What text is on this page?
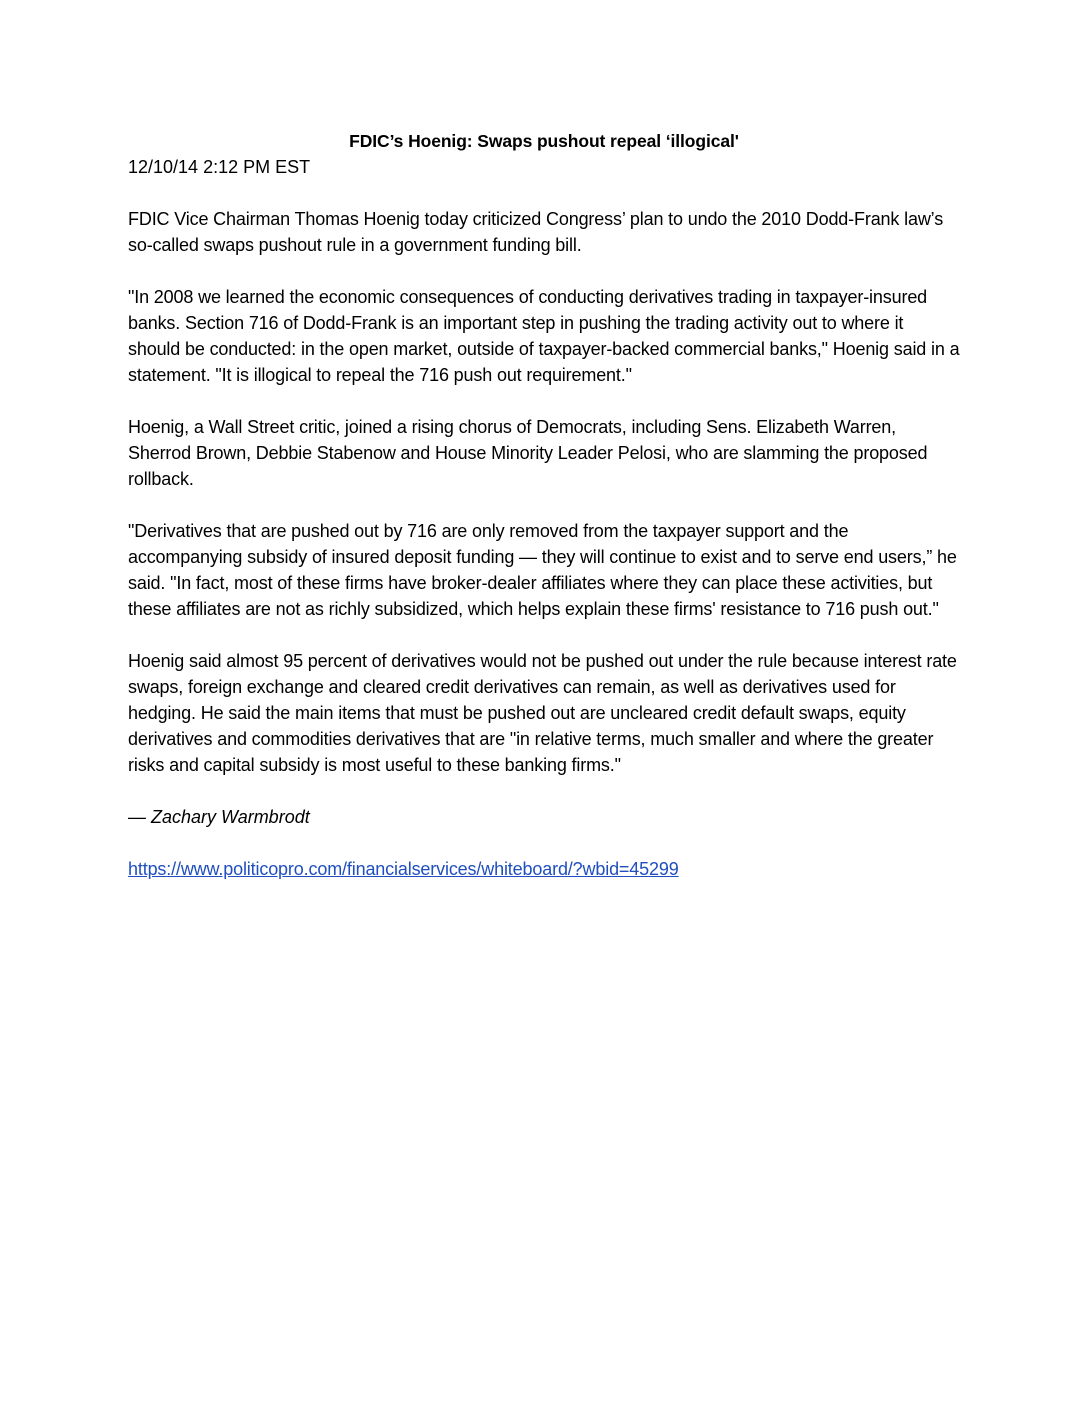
FDIC’s Hoenig: Swaps pushout repeal ‘illogical'

12/10/14 2:12 PM EST

FDIC Vice Chairman Thomas Hoenig today criticized Congress’ plan to undo the 2010 Dodd-Frank law’s so-called swaps pushout rule in a government funding bill.

"In 2008 we learned the economic consequences of conducting derivatives trading in taxpayer-insured banks. Section 716 of Dodd-Frank is an important step in pushing the trading activity out to where it should be conducted: in the open market, outside of taxpayer-backed commercial banks," Hoenig said in a statement. "It is illogical to repeal the 716 push out requirement."

Hoenig, a Wall Street critic, joined a rising chorus of Democrats, including Sens. Elizabeth Warren, Sherrod Brown, Debbie Stabenow and House Minority Leader Pelosi, who are slamming the proposed rollback.

"Derivatives that are pushed out by 716 are only removed from the taxpayer support and the accompanying subsidy of insured deposit funding — they will continue to exist and to serve end users,” he said. "In fact, most of these firms have broker-dealer affiliates where they can place these activities, but these affiliates are not as richly subsidized, which helps explain these firms' resistance to 716 push out."

Hoenig said almost 95 percent of derivatives would not be pushed out under the rule because interest rate swaps, foreign exchange and cleared credit derivatives can remain, as well as derivatives used for hedging. He said the main items that must be pushed out are uncleared credit default swaps, equity derivatives and commodities derivatives that are "in relative terms, much smaller and where the greater risks and capital subsidy is most useful to these banking firms."

— Zachary Warmbrodt

https://www.politicopro.com/financialservices/whiteboard/?wbid=45299
